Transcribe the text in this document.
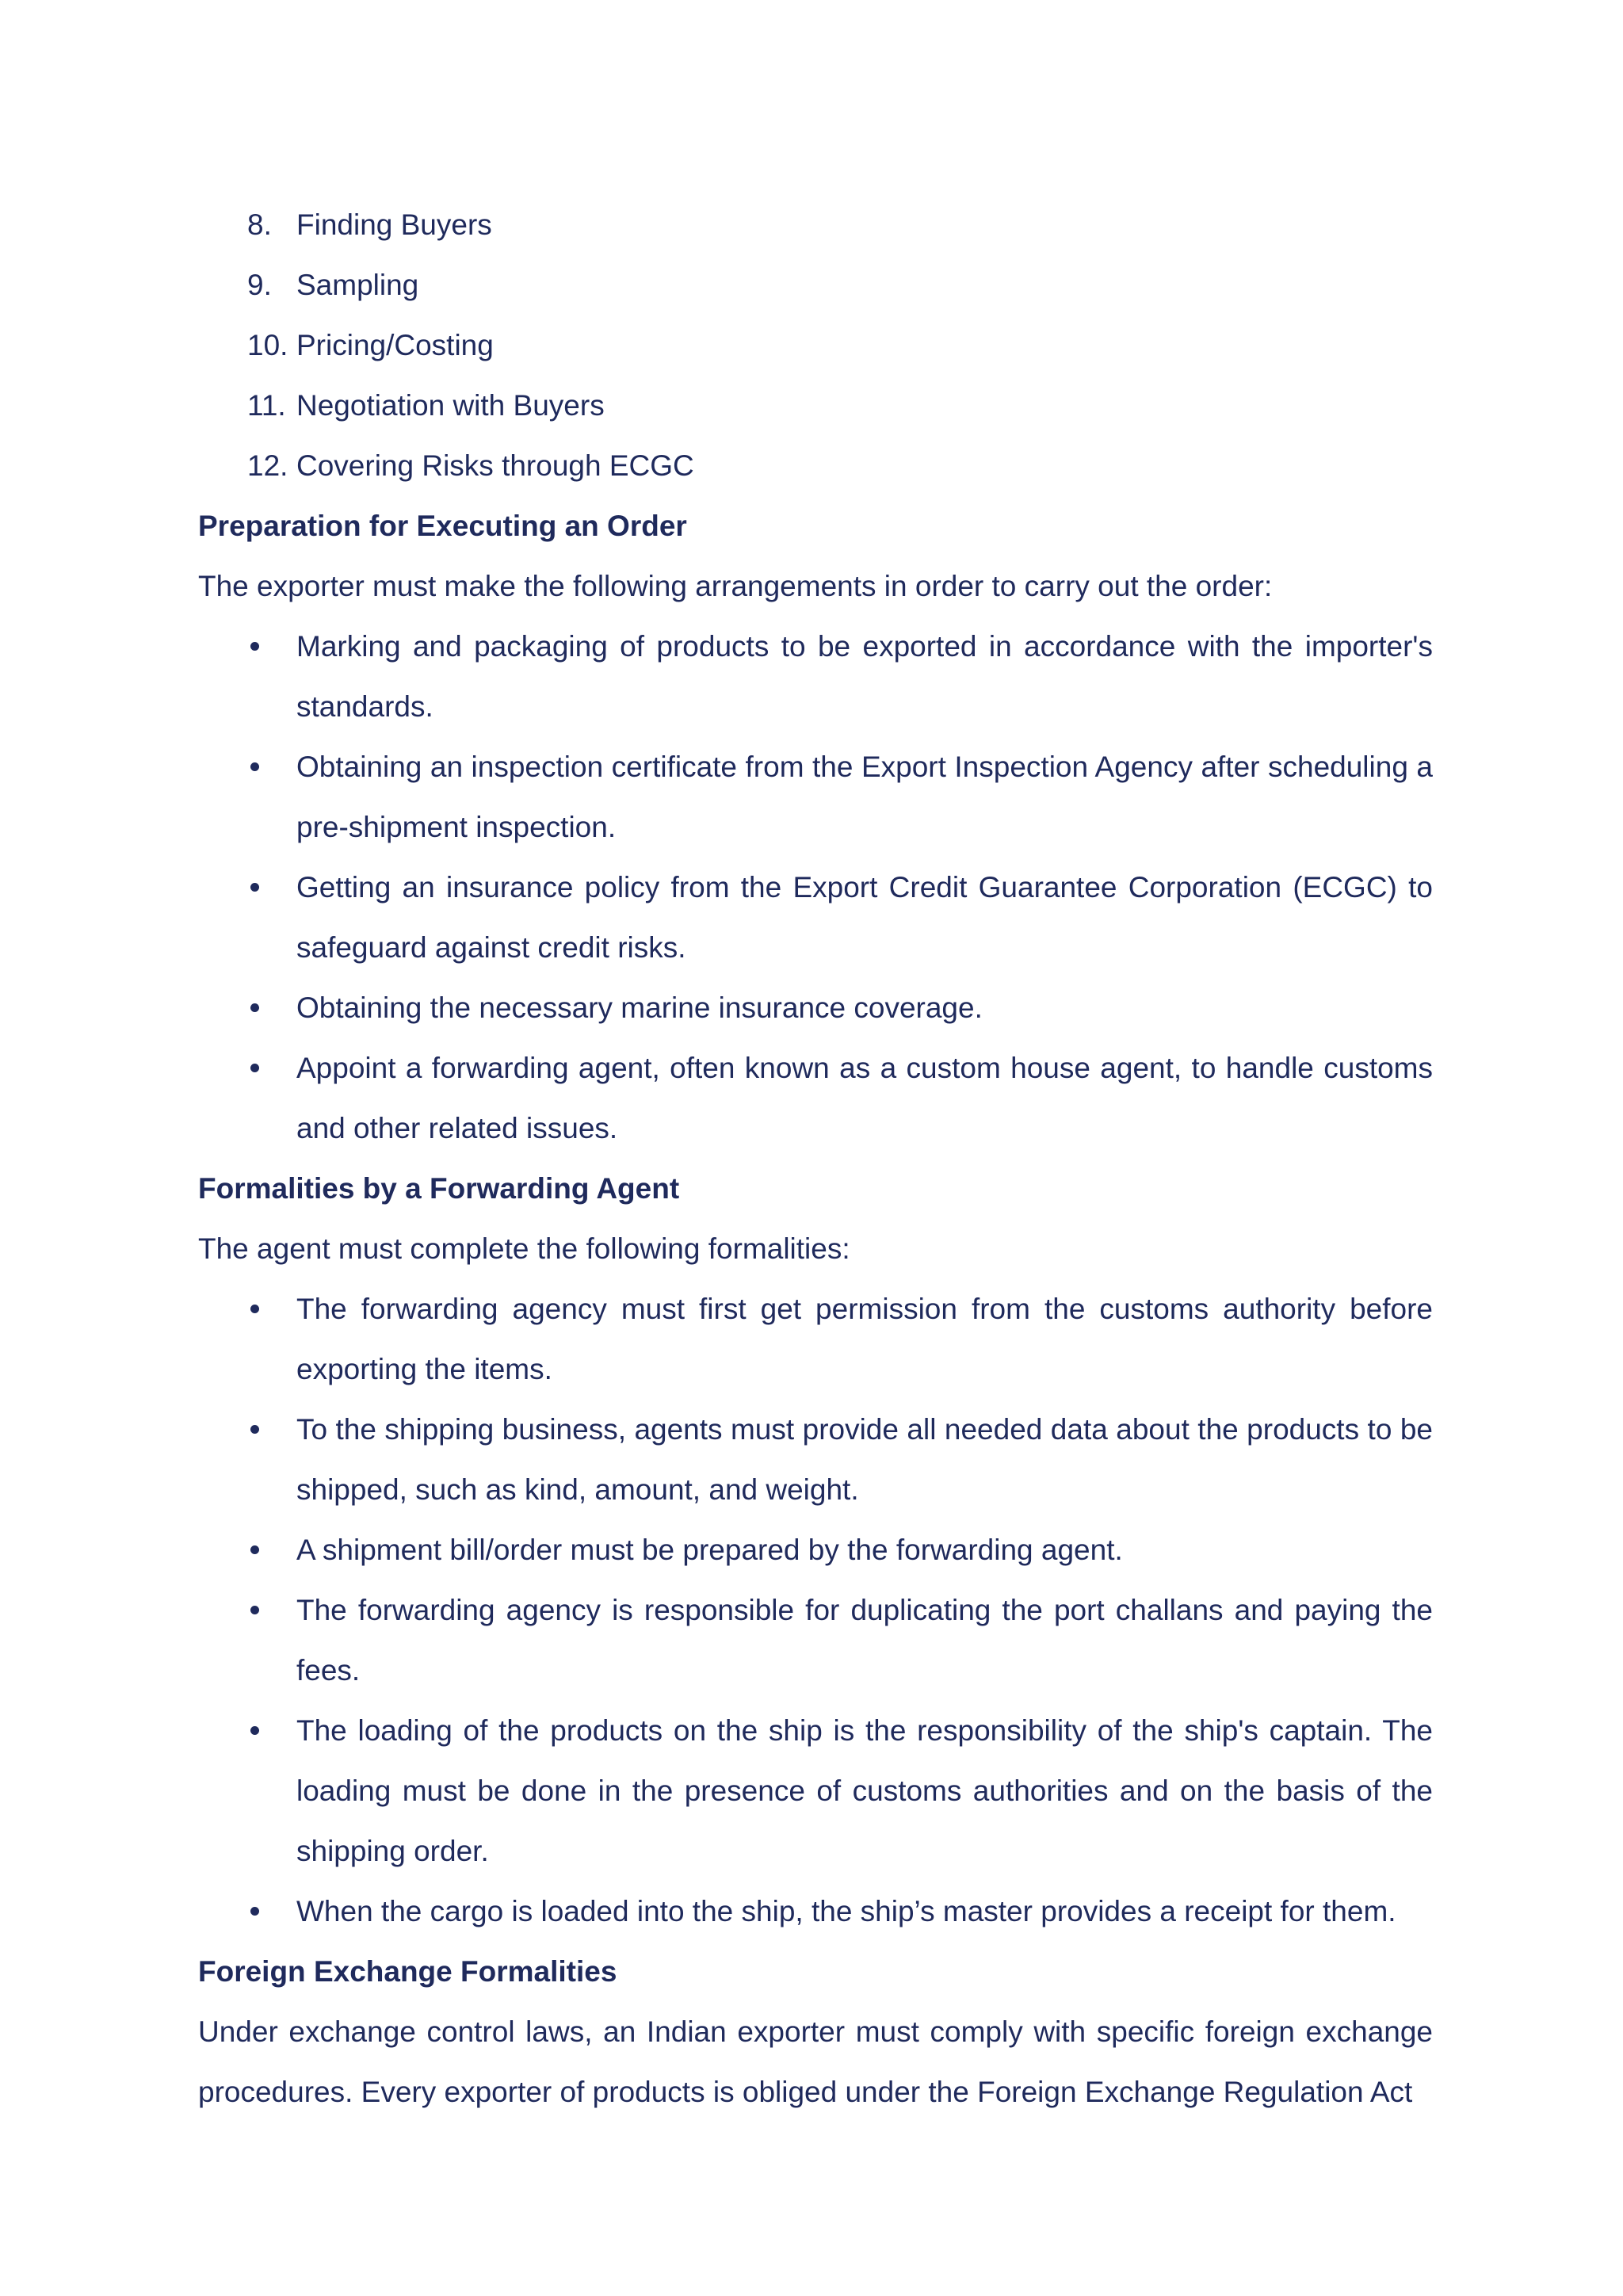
8. Finding Buyers
9. Sampling
10. Pricing/Costing
11. Negotiation with Buyers
12. Covering Risks through ECGC
Preparation for Executing an Order
The exporter must make the following arrangements in order to carry out the order:
Marking and packaging of products to be exported in accordance with the importer's standards.
Obtaining an inspection certificate from the Export Inspection Agency after scheduling a pre-shipment inspection.
Getting an insurance policy from the Export Credit Guarantee Corporation (ECGC) to safeguard against credit risks.
Obtaining the necessary marine insurance coverage.
Appoint a forwarding agent, often known as a custom house agent, to handle customs and other related issues.
Formalities by a Forwarding Agent
The agent must complete the following formalities:
The forwarding agency must first get permission from the customs authority before exporting the items.
To the shipping business, agents must provide all needed data about the products to be shipped, such as kind, amount, and weight.
A shipment bill/order must be prepared by the forwarding agent.
The forwarding agency is responsible for duplicating the port challans and paying the fees.
The loading of the products on the ship is the responsibility of the ship's captain. The loading must be done in the presence of customs authorities and on the basis of the shipping order.
When the cargo is loaded into the ship, the ship’s master provides a receipt for them.
Foreign Exchange Formalities
Under exchange control laws, an Indian exporter must comply with specific foreign exchange procedures. Every exporter of products is obliged under the Foreign Exchange Regulation Act
